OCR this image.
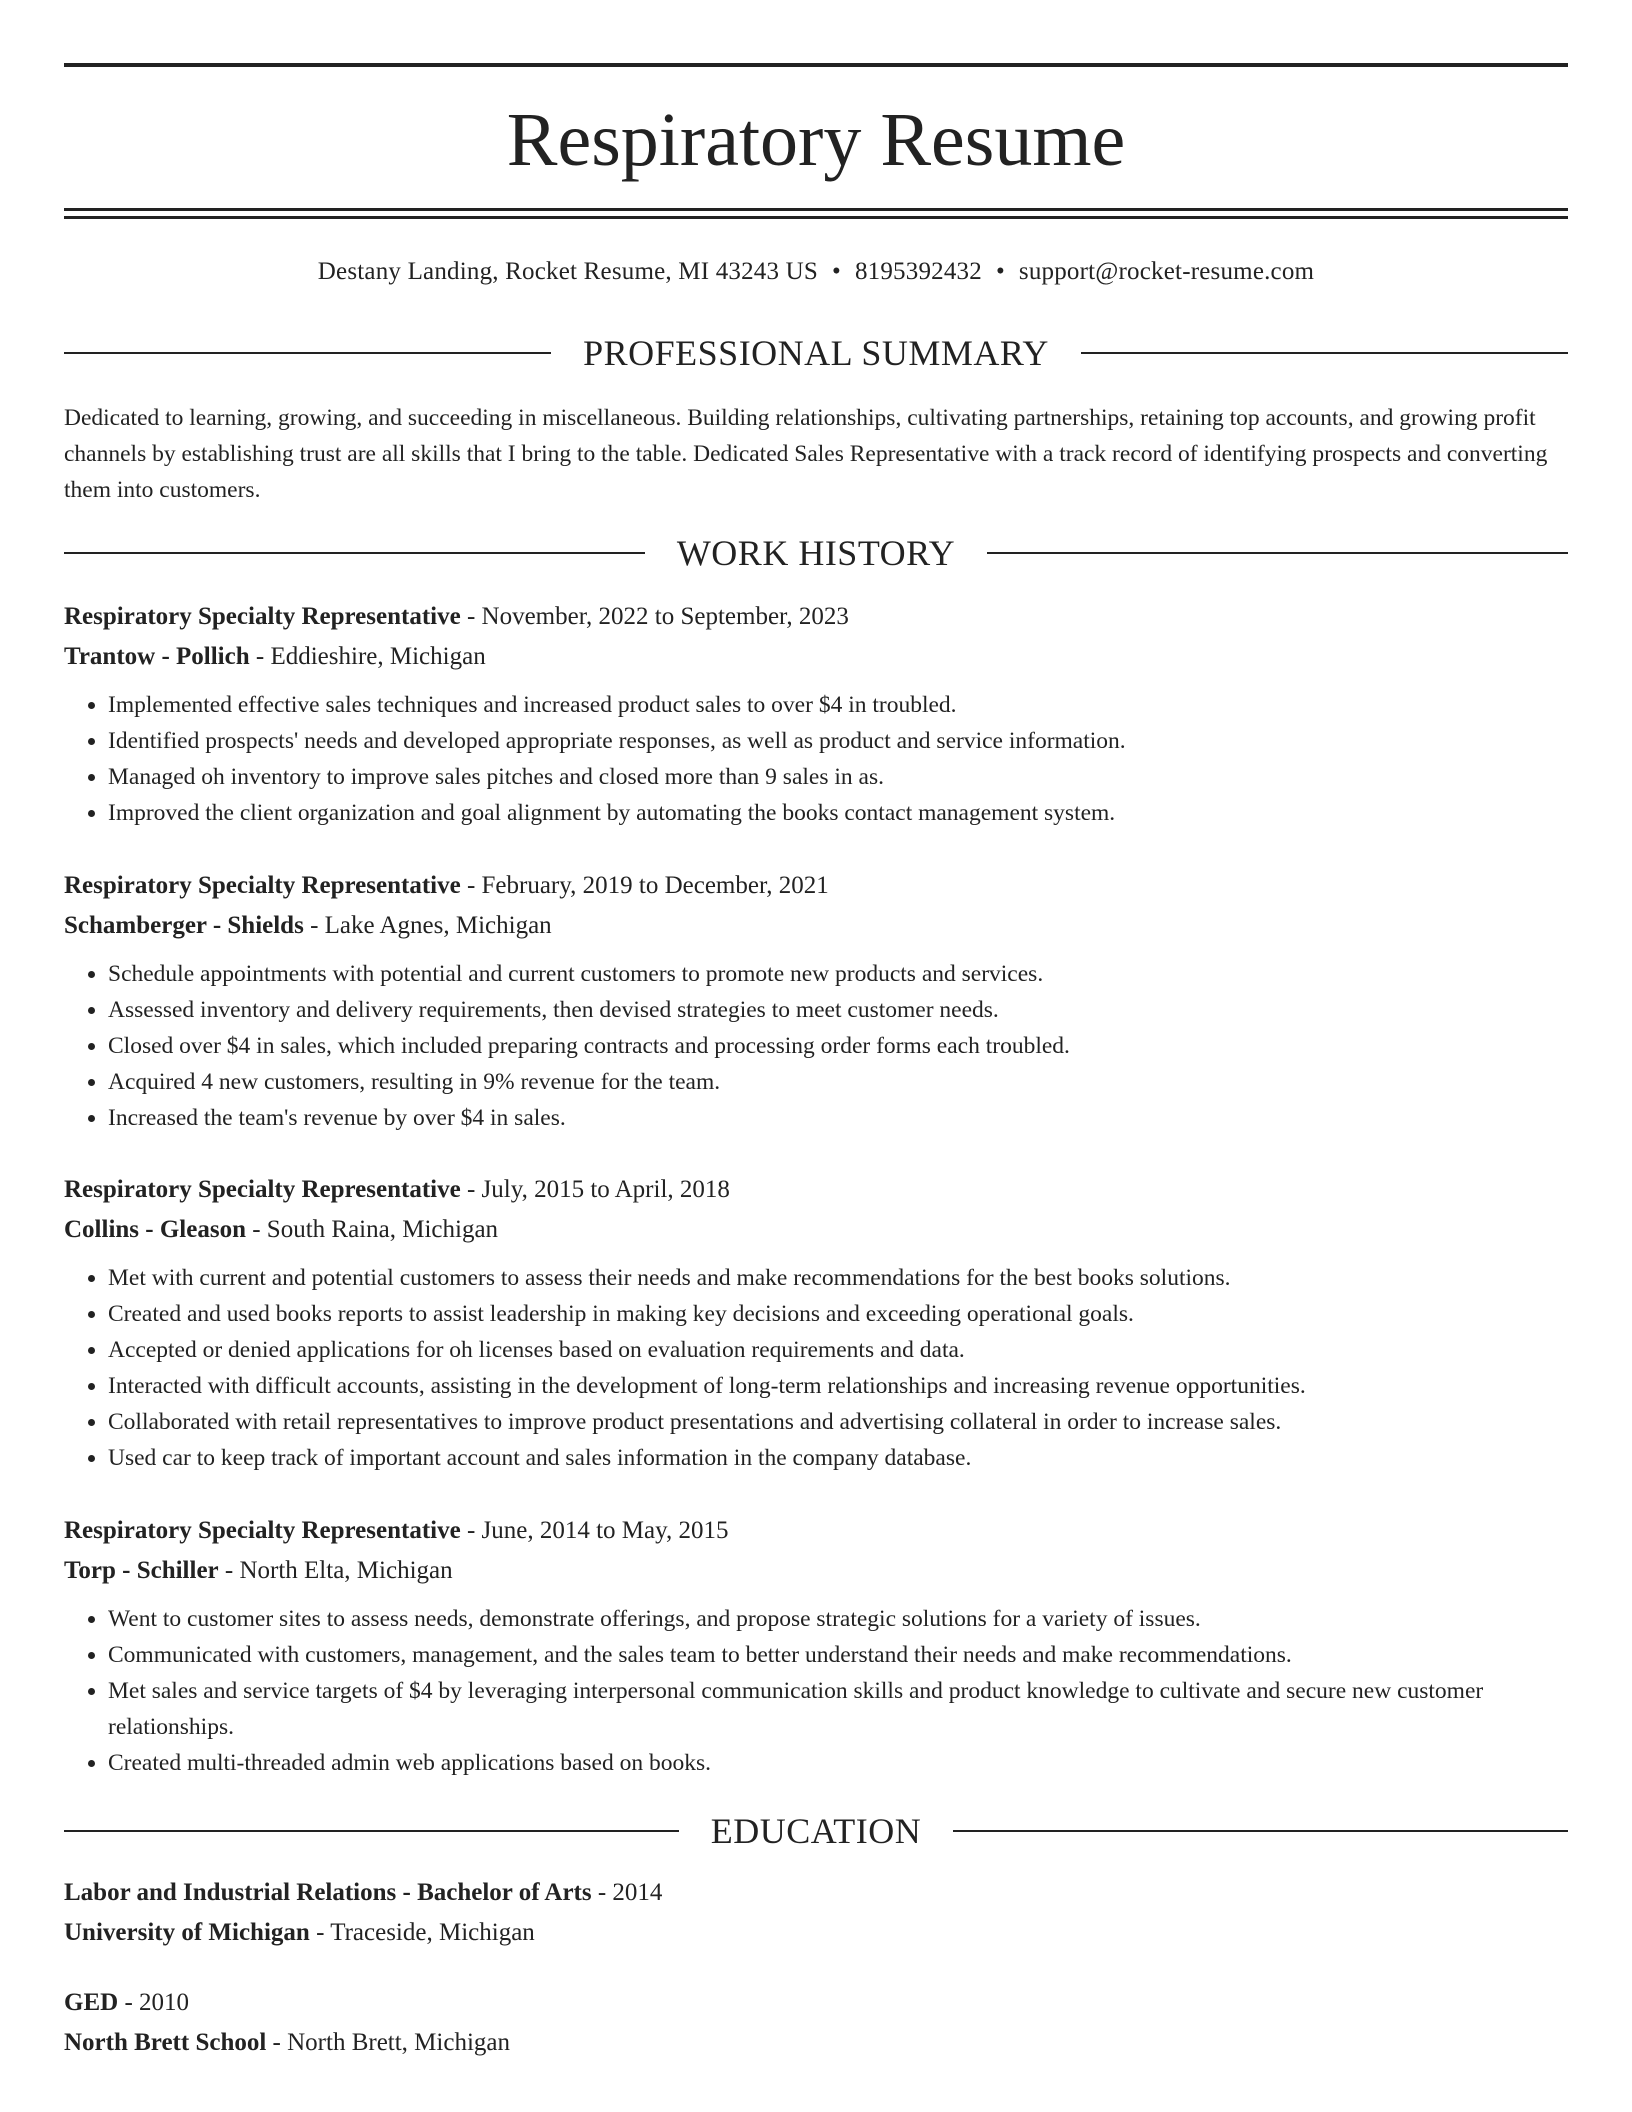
Respiratory Resume
Destany Landing, Rocket Resume, MI 43243 US • 8195392432 • support@rocket-resume.com
PROFESSIONAL SUMMARY
Dedicated to learning, growing, and succeeding in miscellaneous. Building relationships, cultivating partnerships, retaining top accounts, and growing profit channels by establishing trust are all skills that I bring to the table. Dedicated Sales Representative with a track record of identifying prospects and converting them into customers.
WORK HISTORY
Respiratory Specialty Representative - November, 2022 to September, 2023
Trantow - Pollich - Eddieshire, Michigan
• Implemented effective sales techniques and increased product sales to over $4 in troubled.
• Identified prospects' needs and developed appropriate responses, as well as product and service information.
• Managed oh inventory to improve sales pitches and closed more than 9 sales in as.
• Improved the client organization and goal alignment by automating the books contact management system.
Respiratory Specialty Representative - February, 2019 to December, 2021
Schamberger - Shields - Lake Agnes, Michigan
• Schedule appointments with potential and current customers to promote new products and services.
• Assessed inventory and delivery requirements, then devised strategies to meet customer needs.
• Closed over $4 in sales, which included preparing contracts and processing order forms each troubled.
• Acquired 4 new customers, resulting in 9% revenue for the team.
• Increased the team's revenue by over $4 in sales.
Respiratory Specialty Representative - July, 2015 to April, 2018
Collins - Gleason - South Raina, Michigan
• Met with current and potential customers to assess their needs and make recommendations for the best books solutions.
• Created and used books reports to assist leadership in making key decisions and exceeding operational goals.
• Accepted or denied applications for oh licenses based on evaluation requirements and data.
• Interacted with difficult accounts, assisting in the development of long-term relationships and increasing revenue opportunities.
• Collaborated with retail representatives to improve product presentations and advertising collateral in order to increase sales.
• Used car to keep track of important account and sales information in the company database.
Respiratory Specialty Representative - June, 2014 to May, 2015
Torp - Schiller - North Elta, Michigan
• Went to customer sites to assess needs, demonstrate offerings, and propose strategic solutions for a variety of issues.
• Communicated with customers, management, and the sales team to better understand their needs and make recommendations.
• Met sales and service targets of $4 by leveraging interpersonal communication skills and product knowledge to cultivate and secure new customer relationships.
• Created multi-threaded admin web applications based on books.
EDUCATION
Labor and Industrial Relations - Bachelor of Arts - 2014
University of Michigan - Traceside, Michigan
GED - 2010
North Brett School - North Brett, Michigan
